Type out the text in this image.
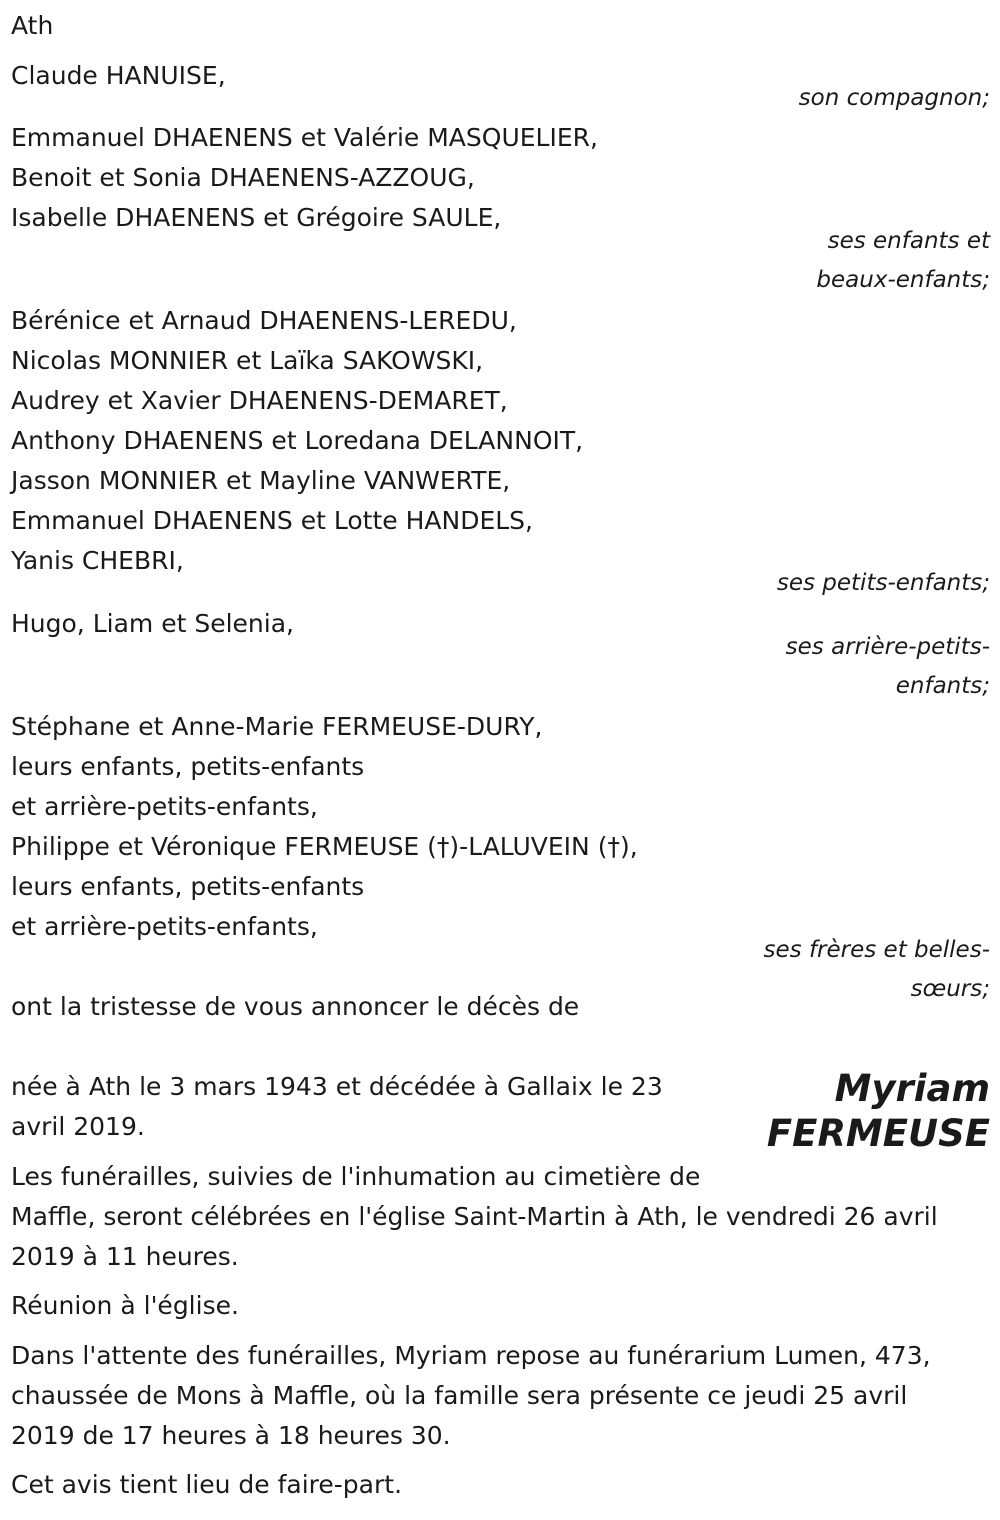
Ath
Claude HANUISE,
son compagnon;
Emmanuel DHAENENS et Valérie MASQUELIER,
Benoit et Sonia DHAENENS-AZZOUG,
Isabelle DHAENENS et Grégoire SAULE,
ses enfants et
beaux-enfants;
Bérénice et Arnaud DHAENENS-LEREDU,
Nicolas MONNIER et Laïka SAKOWSKI,
Audrey et Xavier DHAENENS-DEMARET,
Anthony DHAENENS et Loredana DELANNOIT,
Jasson MONNIER et Mayline VANWERTE,
Emmanuel DHAENENS et Lotte HANDELS,
Yanis CHEBRI,
ses petits-enfants;
Hugo, Liam et Selenia,
ses arrière-petits-
enfants;
Stéphane et Anne-Marie FERMEUSE-DURY,
leurs enfants, petits-enfants
et arrière-petits-enfants,
Philippe et Véronique FERMEUSE (†)-LALUVEIN (†),
leurs enfants, petits-enfants
et arrière-petits-enfants,
ses frères et belles-
sœurs;
ont la tristesse de vous annoncer le décès de
Myriam
FERMEUSE
née à Ath le 3 mars 1943 et décédée à Gallaix le 23
avril 2019.
Les funérailles, suivies de l'inhumation au cimetière de
Maffle, seront célébrées en l'église Saint-Martin à Ath, le vendredi 26 avril
2019 à 11 heures.
Réunion à l'église.
Dans l'attente des funérailles, Myriam repose au funérarium Lumen, 473,
chaussée de Mons à Maffle, où la famille sera présente ce jeudi 25 avril
2019 de 17 heures à 18 heures 30.
Cet avis tient lieu de faire-part.
